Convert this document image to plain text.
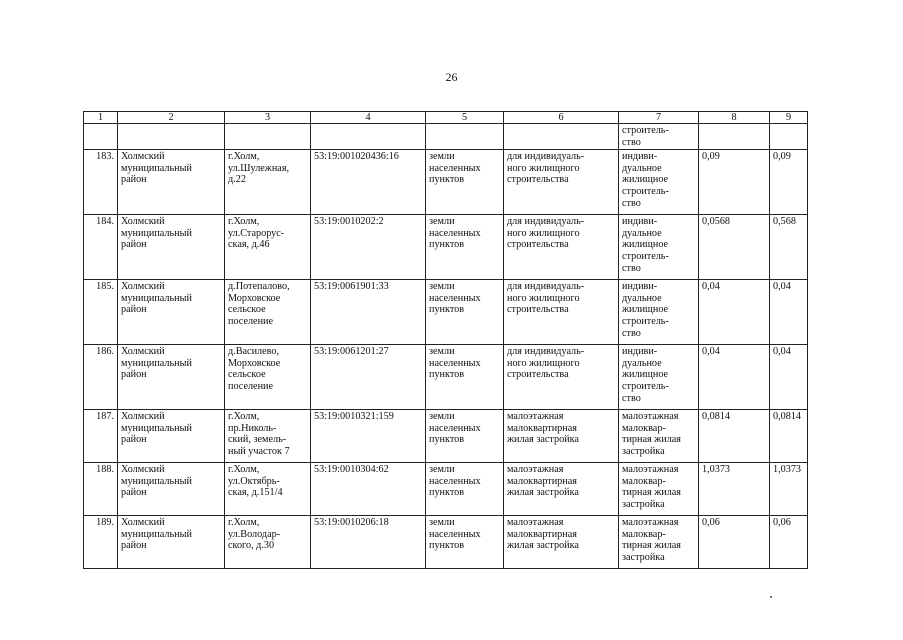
26
1	2	3	4	5	6	7	8	9
						строитель-
ство		
183.	Холмский
муниципальный
район	г.Холм,
ул.Шулежная,
д.22	53:19:001020436:16	земли
населенных
пунктов	для индивидуаль-
ного жилищного
строительства	индиви-
дуальное
жилищное
строитель-
ство	0,09	0,09
184.	Холмский
муниципальный
район	г.Холм,
ул.Старорус-
ская, д.46	53:19:0010202:2	земли
населенных
пунктов	для индивидуаль-
ного жилищного
строительства	индиви-
дуальное
жилищное
строитель-
ство	0,0568	0,568
185.	Холмский
муниципальный
район	д.Потепалово,
Морховское
сельское
поселение	53:19:0061901:33	земли
населенных
пунктов	для индивидуаль-
ного жилищного
строительства	индиви-
дуальное
жилищное
строитель-
ство	0,04	0,04
186.	Холмский
муниципальный
район	д.Василево,
Морховское
сельское
поселение	53:19:0061201:27	земли
населенных
пунктов	для индивидуаль-
ного жилищного
строительства	индиви-
дуальное
жилищное
строитель-
ство	0,04	0,04
187.	Холмский
муниципальный
район	г.Холм,
пр.Николь-
ский, земель-
ный участок 7	53:19:0010321:159	земли
населенных
пунктов	малоэтажная
малоквартирная
жилая застройка	малоэтажная
малоквар-
тирная жилая
застройка	0,0814	0,0814
188.	Холмский
муниципальный
район	г.Холм,
ул.Октябрь-
ская, д.151/4	53:19:0010304:62	земли
населенных
пунктов	малоэтажная
малоквартирная
жилая застройка	малоэтажная
малоквар-
тирная жилая
застройка	1,0373	1,0373
189.	Холмский
муниципальный
район	г.Холм,
ул.Володар-
ского, д.30	53:19:0010206:18	земли
населенных
пунктов	малоэтажная
малоквартирная
жилая застройка	малоэтажная
малоквар-
тирная жилая
застройка	0,06	0,06
